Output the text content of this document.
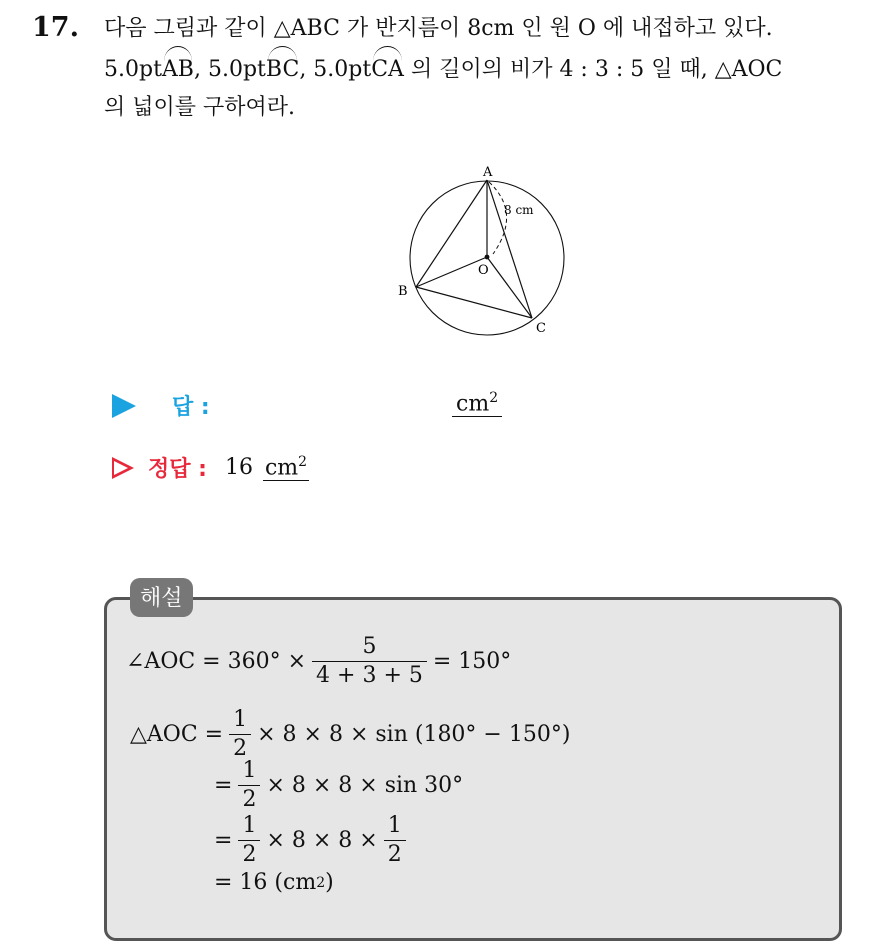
17. 다음 그림과 같이 △ABC 가 반지름이 8cm 인 원 O 에 내접하고 있다.
5.0ptAB, 5.0ptBC, 5.0ptCA 의 길이의 비가 4 : 3 : 5 일 때, △AOC
의 넓이를 구하여라.
A
B
C
O
8 cm
답 :	$cm^2$
정답 : 16 $cm^2$
해설
∠AOC = $360^\circ \times \frac{5}{4 + 3 + 5} = 150^\circ$
△AOC = $\frac{1}{2} \times 8 \times 8 \times \sin (180^\circ - 150^\circ)$
= $\frac{1}{2} \times 8 \times 8 \times \sin 30^\circ$
= $\frac{1}{2} \times 8 \times 8 \times \frac{1}{2}$
= 16 (cm 2 )
